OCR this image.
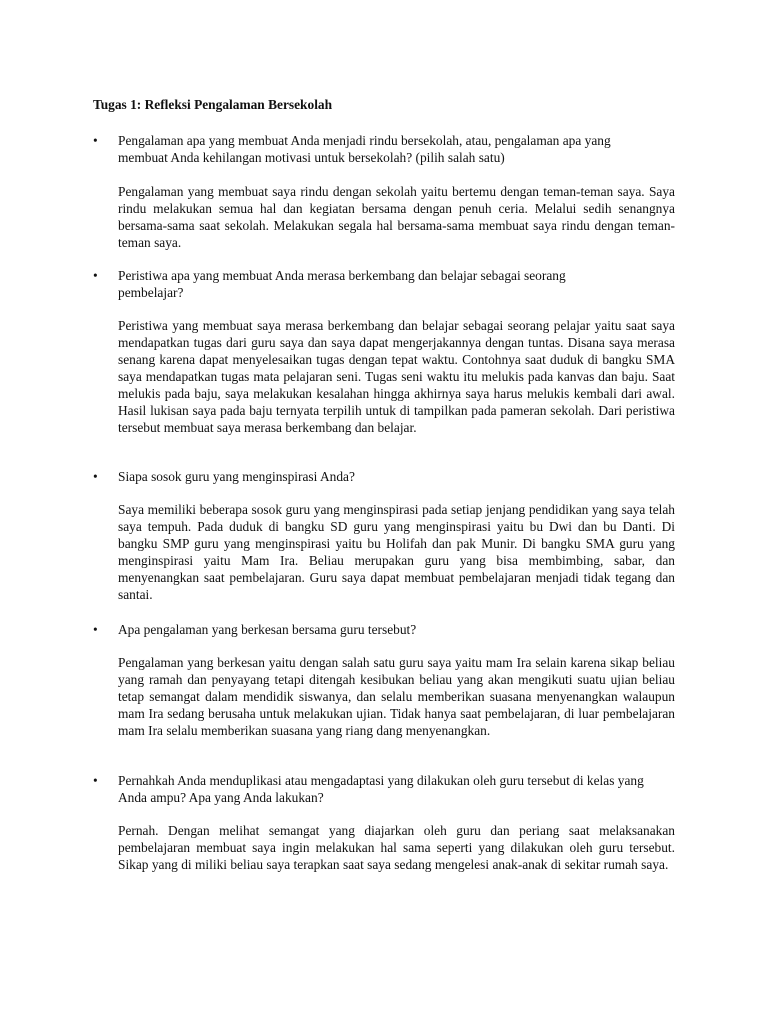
Tugas 1: Refleksi Pengalaman Bersekolah
•	Pengalaman apa yang membuat Anda menjadi rindu bersekolah, atau, pengalaman apa yang membuat Anda kehilangan motivasi untuk bersekolah? (pilih salah satu)

Pengalaman yang membuat saya rindu dengan sekolah yaitu bertemu dengan teman-teman saya. Saya rindu melakukan semua hal dan kegiatan bersama dengan penuh ceria. Melalui sedih senangnya bersama-sama saat sekolah. Melakukan segala hal bersama-sama membuat saya rindu dengan teman-teman saya.

•	Peristiwa apa yang membuat Anda merasa berkembang dan belajar sebagai seorang pembelajar?

Peristiwa yang membuat saya merasa berkembang dan belajar sebagai seorang pelajar yaitu saat saya mendapatkan tugas dari guru saya dan saya dapat mengerjakannya dengan tuntas. Disana saya merasa senang karena dapat menyelesaikan tugas dengan tepat waktu. Contohnya saat duduk di bangku SMA saya mendapatkan tugas mata pelajaran seni. Tugas seni waktu itu melukis pada kanvas dan baju. Saat melukis pada baju, saya melakukan kesalahan hingga akhirnya saya harus melukis kembali dari awal. Hasil lukisan saya pada baju ternyata terpilih untuk di tampilkan pada pameran sekolah. Dari peristiwa tersebut membuat saya merasa berkembang dan belajar.

•	Siapa sosok guru yang menginspirasi Anda?

Saya memiliki beberapa sosok guru yang menginspirasi pada setiap jenjang pendidikan yang saya telah saya tempuh. Pada duduk di bangku SD guru yang menginspirasi yaitu bu Dwi dan bu Danti. Di bangku SMP guru yang menginspirasi yaitu bu Holifah dan pak Munir. Di bangku SMA guru yang menginspirasi yaitu Mam Ira. Beliau merupakan guru yang bisa membimbing, sabar, dan menyenangkan saat pembelajaran. Guru saya dapat membuat pembelajaran menjadi tidak tegang dan santai.

•	Apa pengalaman yang berkesan bersama guru tersebut?

Pengalaman yang berkesan yaitu dengan salah satu guru saya yaitu mam Ira selain karena sikap beliau yang ramah dan penyayang tetapi ditengah kesibukan beliau yang akan mengikuti suatu ujian beliau tetap semangat dalam mendidik siswanya, dan selalu memberikan suasana menyenangkan walaupun mam Ira sedang berusaha untuk melakukan ujian. Tidak hanya saat pembelajaran, di luar pembelajaran mam Ira selalu memberikan suasana yang riang dang menyenangkan.

•	Pernahkah Anda menduplikasi atau mengadaptasi yang dilakukan oleh guru tersebut di kelas yang Anda ampu? Apa yang Anda lakukan?

Pernah. Dengan melihat semangat yang diajarkan oleh guru dan periang saat melaksanakan pembelajaran membuat saya ingin melakukan hal sama seperti yang dilakukan oleh guru tersebut. Sikap yang di miliki beliau saya terapkan saat saya sedang mengelesi anak-anak di sekitar rumah saya.
